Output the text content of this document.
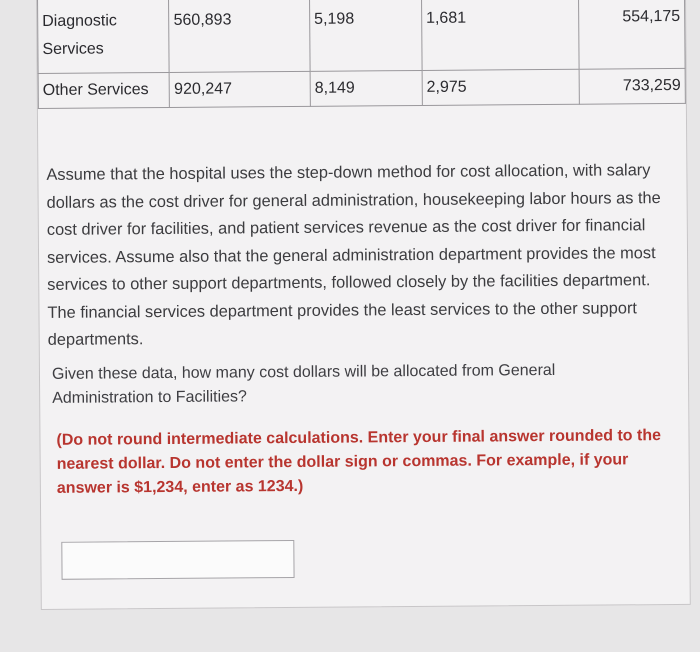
Diagnostic Services	560,893	5,198	1,681	554,175
Other Services	920,247	8,149	2,975	733,259
Assume that the hospital uses the step-down method for cost allocation, with salary dollars as the cost driver for general administration, housekeeping labor hours as the cost driver for facilities, and patient services revenue as the cost driver for financial services. Assume also that the general administration department provides the most services to other support departments, followed closely by the facilities department. The financial services department provides the least services to the other support departments.
Given these data, how many cost dollars will be allocated from General Administration to Facilities?
(Do not round intermediate calculations. Enter your final answer rounded to the nearest dollar. Do not enter the dollar sign or commas. For example, if your answer is $1,234, enter as 1234.)
